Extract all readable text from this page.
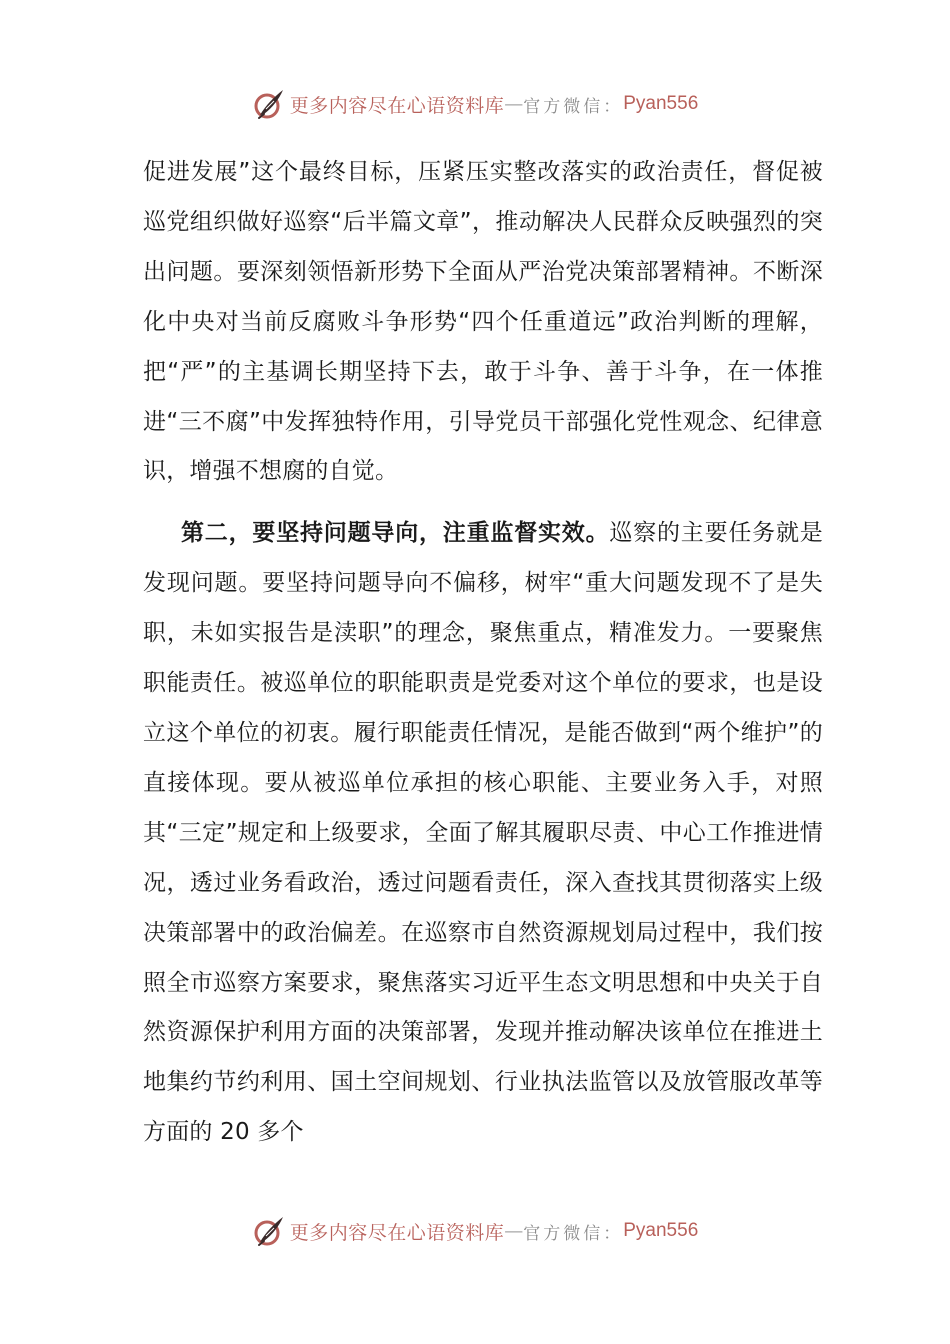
更多内容尽在心语资料库 — 官方微信： Pyan556

促进发展”这个最终目标，压紧压实整改落实的政治责任，督促被巡党组织做好巡察“后半篇文章”，推动解决人民群众反映强烈的突出问题。要深刻领悟新形势下全面从严治党决策部署精神。不断深化中央对当前反腐败斗争形势“四个任重道远”政治判断的理解，把“严”的主基调长期坚持下去，敢于斗争、善于斗争，在一体推进“三不腐”中发挥独特作用，引导党员干部强化党性观念、纪律意识，增强不想腐的自觉。

第二，要坚持问题导向，注重监督实效。巡察的主要任务就是发现问题。要坚持问题导向不偏移，树牢“重大问题发现不了是失职，未如实报告是渎职”的理念，聚焦重点，精准发力。一要聚焦职能责任。被巡单位的职能职责是党委对这个单位的要求，也是设立这个单位的初衷。履行职能责任情况，是能否做到“两个维护”的直接体现。要从被巡单位承担的核心职能、主要业务入手，对照其“三定”规定和上级要求，全面了解其履职尽责、中心工作推进情况，透过业务看政治，透过问题看责任，深入查找其贯彻落实上级决策部署中的政治偏差。在巡察市自然资源规划局过程中，我们按照全市巡察方案要求，聚焦落实习近平生态文明思想和中央关于自然资源保护利用方面的决策部署，发现并推动解决该单位在推进土地集约节约利用、国土空间规划、行业执法监管以及放管服改革等方面的 20 多个

更多内容尽在心语资料库 — 官方微信： Pyan556
